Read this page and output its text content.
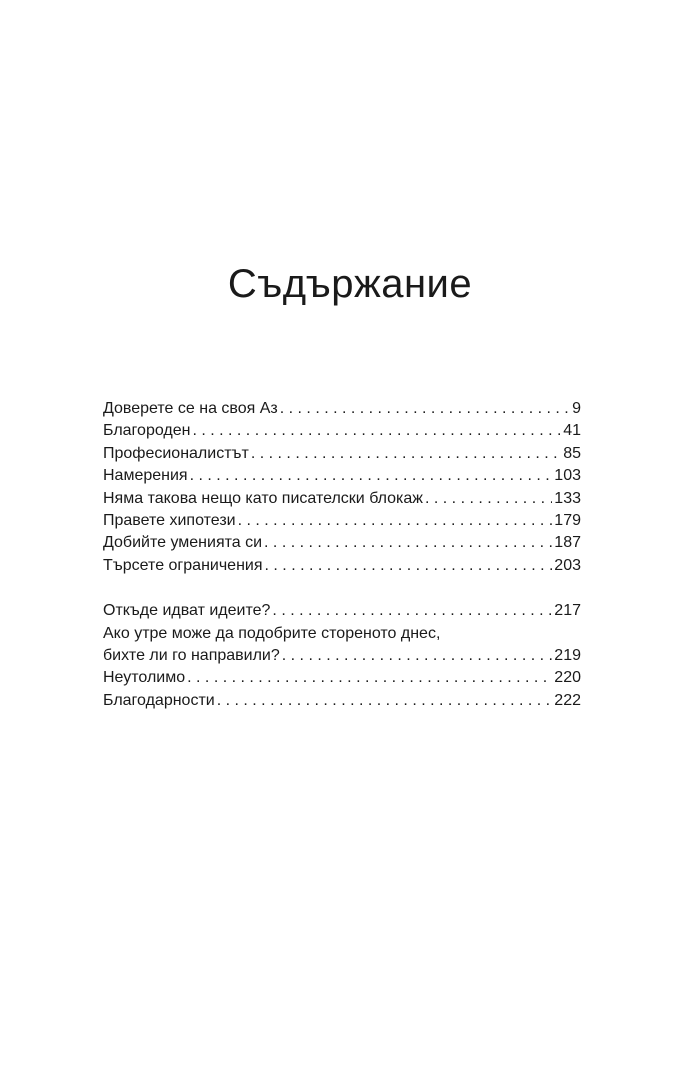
Съдържание
Доверете се на своя Аз . . .	9
Благороден . . .	41
Професионалистът . . .	85
Намерения . . .	103
Няма такова нещо като писателски блокаж . . .	133
Правете хипотези . . .	179
Добийте уменията си . . .	187
Търсете ограничения . . .	203
Откъде идват идеите? . . .	217
Ако утре може да подобрите стореното днес,
бихте ли го направили? . . .	219
Неутолимо . . .	220
Благодарности . . .	222
